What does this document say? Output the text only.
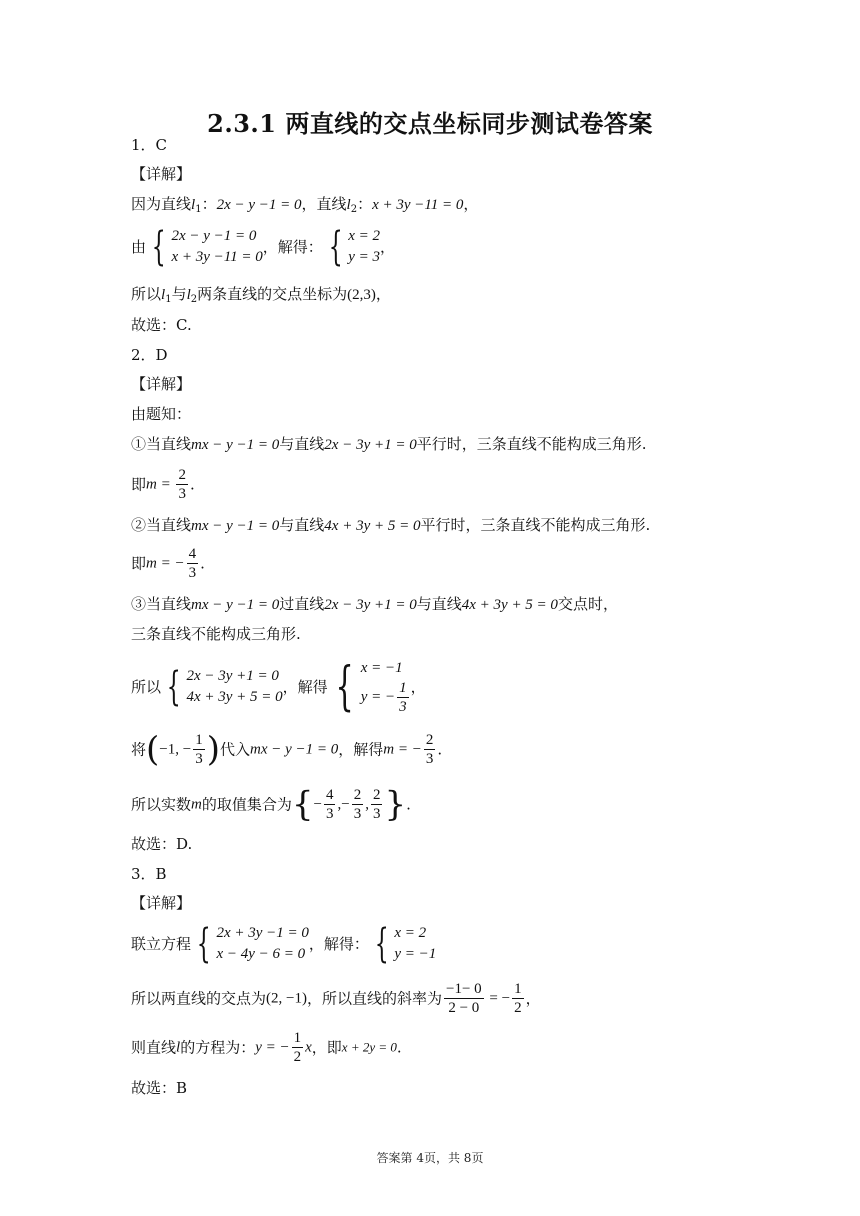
2.3.1 两直线的交点坐标同步测试卷答案
1．C
【详解】
因为直线$l_1$：2x − y −1 = 0，直线$l_2$：x + 3y −11 = 0，
由 { 2x − y −1 = 0
x + 3y −11 = 0
，解得： { x = 2
y = 3
，
所以$l_1$与$l_2$两条直线的交点坐标为(2,3)，
故选：C.
2．D
【详解】
由题知：
①当直线mx − y −1 = 0与直线2x − 3y +1 = 0平行时，三条直线不能构成三角形.
即$m = \frac{2}{3}$ .
②当直线mx − y −1 = 0与直线4x + 3y + 5 = 0平行时，三条直线不能构成三角形.
即m = − $\frac{4}{3}$ .
③当直线mx − y −1 = 0过直线2x − 3y +1 = 0与直线4x + 3y + 5 = 0交点时，
三条直线不能构成三角形.
所以 { 2x − 3y +1 = 0
4x + 3y + 5 = 0
，解得 { x = −1
y = − $\frac{1}{3}$ ，
将(−1, − $\frac{1}{3}$ )代入mx − y −1 = 0，解得m = − $\frac{2}{3}$ .
所以实数m的取值集合为{− $\frac{4}{3}$ ,− $\frac{2}{3}$ , $\frac{2}{3}$ }.
故选：D.
3．B
【详解】
联立方程 { 2x + 3y −1 = 0
x − 4y − 6 = 0
，解得： { x = 2
y = −1
所以两直线的交点为(2, −1)，所以直线的斜率为 $\frac{-1- 0}{2 - 0}$ = − $\frac{1}{2}$ ，
则直线l的方程为：y = − $\frac{1}{2}$ x，即x + 2y = 0.
故选：B
答案第 4页，共 8页
